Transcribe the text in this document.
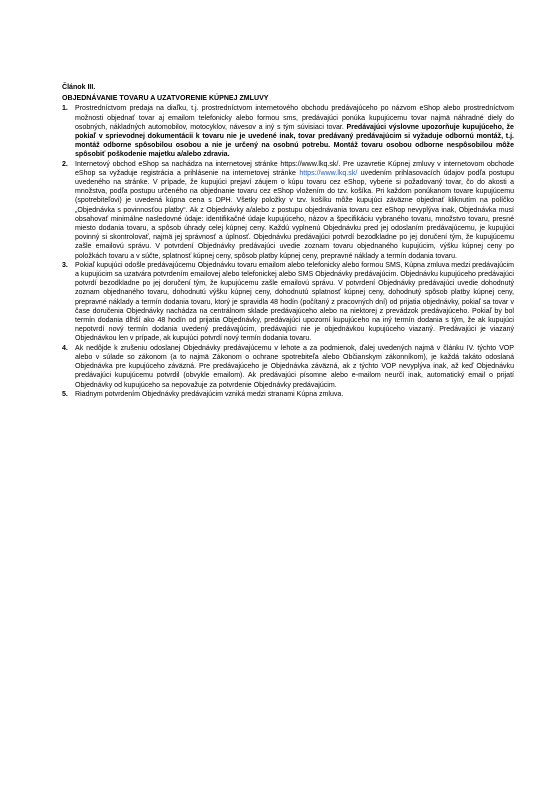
Článok III.
OBJEDNÁVANIE TOVARU A UZATVORENIE KÚPNEJ ZMLUVY
1. Prostredníctvom predaja na diaľku, t.j. prostredníctvom internetového obchodu predávajúceho po názvom eShop alebo prostredníctvom možnosti objednať tovar aj emailom telefonicky alebo formou sms, predávajúci ponúka kupujúcemu tovar najmä náhradné diely do osobných, nákladných automobilov, motocyklov, návesov a iný s tým súvisiaci tovar. Predávajúci výslovne upozorňuje kupujúceho, že pokiaľ v sprievodnej dokumentácii k tovaru nie je uvedené inak, tovar predávaný predávajúcim si vyžaduje odbornú montáž, t.j. montáž odborne spôsobilou osobou a nie je určený na osobnú potrebu. Montáž tovaru osobou odborne nespôsobilou môže spôsobiť poškodenie majetku a/alebo zdravia.
2. Internetový obchod eShop sa nachádza na internetovej stránke https://www.lkq.sk/. Pre uzavretie Kúpnej zmluvy v internetovom obchode eShop sa vyžaduje registrácia a prihlásenie na internetovej stránke https://www.lkq.sk/ uvedením prihlasovacích údajov podľa postupu uvedeného na stránke. V prípade, že kupujúci prejaví záujem o kúpu tovaru cez eShop, vyberie si požadovaný tovar, čo do akosti a množstva, podľa postupu určeného na objednanie tovaru cez eShop vložením do tzv. košíka. Pri každom ponúkanom tovare kupujúcemu (spotrebiteľovi) je uvedená kúpna cena s DPH. Všetky položky v tzv. košíku môže kupujúci záväzne objednať kliknutím na políčko „Objednávka s povinnosťou platby“. Ak z Objednávky a/alebo z postupu objednávania tovaru cez eShop nevyplýva inak, Objednávka musí obsahovať minimálne nasledovné údaje: identifikačné údaje kupujúceho, názov a špecifikáciu vybraného tovaru, množstvo tovaru, presné miesto dodania tovaru, a spôsob úhrady celej kúpnej ceny. Každú vyplnenú Objednávku pred jej odoslaním predávajúcemu, je kupujúci povinný si skontrolovať, najmä jej správnosť a úplnosť. Objednávku predávajúci potvrdí bezodkladne po jej doručení tým, že kupujúcemu zašle emailovú správu. V potvrdení Objednávky predávajúci uvedie zoznam tovaru objednaného kupujúcim, výšku kúpnej ceny po položkách tovaru a v súčte, splatnosť kúpnej ceny, spôsob platby kúpnej ceny, prepravné náklady a termín dodania tovaru.
3. Pokiaľ kupujúci odošle predávajúcemu Objednávku tovaru emailom alebo telefonicky alebo formou SMS, Kúpna zmluva medzi predávajúcim a kupujúcim sa uzatvára potvrdením emailovej alebo telefonickej alebo SMS Objednávky predávajúcim. Objednávku kupujúceho predávajúci potvrdí bezodkladne po jej doručení tým, že kupujúcemu zašle emailovú správu. V potvrdení Objednávky predávajúci uvedie dohodnutý zoznam objednaného tovaru, dohodnutú výšku kúpnej ceny, dohodnutú splatnosť kúpnej ceny, dohodnutý spôsob platby kúpnej ceny, prepravné náklady a termín dodania tovaru, ktorý je spravidla 48 hodín (počítaný z pracovných dní) od prijatia objednávky, pokiaľ sa tovar v čase doručenia Objednávky nachádza na centrálnom sklade predávajúceho alebo na niektorej z prevádzok predávajúceho. Pokiaľ by bol termín dodania dlhší ako 48 hodín od prijatia Objednávky, predávajúci upozorní kupujúceho na iný termín dodania s tým, že ak kupujúci nepotvrdí nový termín dodania uvedený predávajúcim, predávajúci nie je objednávkou kupujúceho viazaný. Predávajúci je viazaný Objednávkou len v prípade, ak kupujúci potvrdí nový termín dodania tovaru.
4. Ak nedôjde k zrušeniu odoslanej Objednávky predávajúcemu v lehote a za podmienok, ďalej uvedených najmä v článku IV. týchto VOP alebo v súlade so zákonom (a to najmä Zákonom o ochrane spotrebiteľa alebo Občianskym zákonníkom), je každá takáto odoslaná Objednávka pre kupujúceho záväzná. Pre predávajúceho je Objednávka záväzná, ak z týchto VOP nevyplýva inak, až keď Objednávku predávajúci kupujúcemu potvrdil (obvykle emailom). Ak predávajúci písomne alebo e-mailom neurčí inak, automatický email o prijatí Objednávky od kupujúceho sa nepovažuje za potvrdenie Objednávky predávajúcim.
5. Riadnym potvrdením Objednávky predávajúcim vzniká medzi stranami Kúpna zmluva.
